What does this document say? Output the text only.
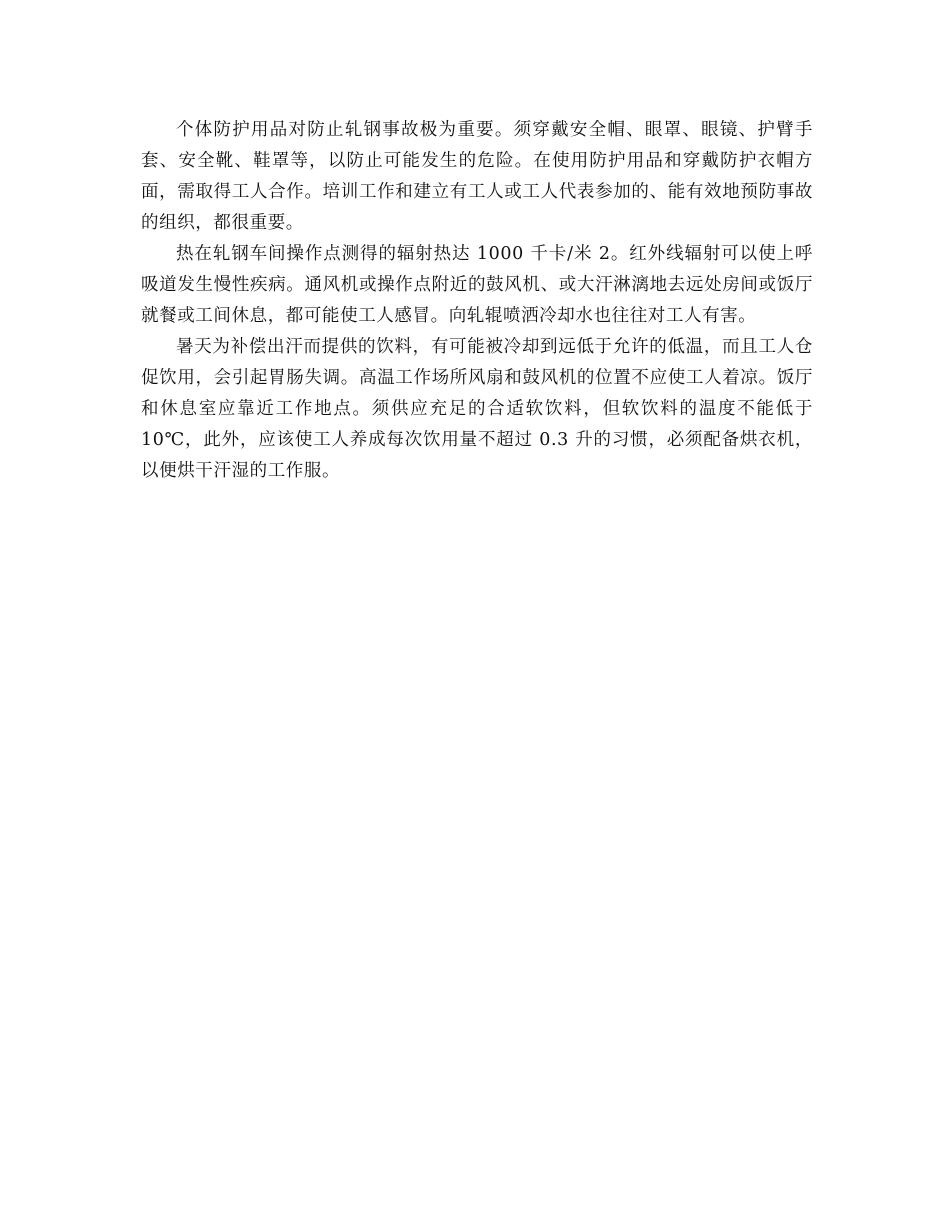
个体防护用品对防止轧钢事故极为重要。须穿戴安全帽、眼罩、眼镜、护臂手套、安全靴、鞋罩等，以防止可能发生的危险。在使用防护用品和穿戴防护衣帽方面，需取得工人合作。培训工作和建立有工人或工人代表参加的、能有效地预防事故的组织，都很重要。

热在轧钢车间操作点测得的辐射热达 1000 千卡/米 2。红外线辐射可以使上呼吸道发生慢性疾病。通风机或操作点附近的鼓风机、或大汗淋漓地去远处房间或饭厅就餐或工间休息，都可能使工人感冒。向轧辊喷洒冷却水也往往对工人有害。

暑天为补偿出汗而提供的饮料，有可能被冷却到远低于允许的低温，而且工人仓促饮用，会引起胃肠失调。高温工作场所风扇和鼓风机的位置不应使工人着凉。饭厅和休息室应靠近工作地点。须供应充足的合适软饮料，但软饮料的温度不能低于 10℃，此外，应该使工人养成每次饮用量不超过 0.3 升的习惯，必须配备烘衣机，以便烘干汗湿的工作服。
